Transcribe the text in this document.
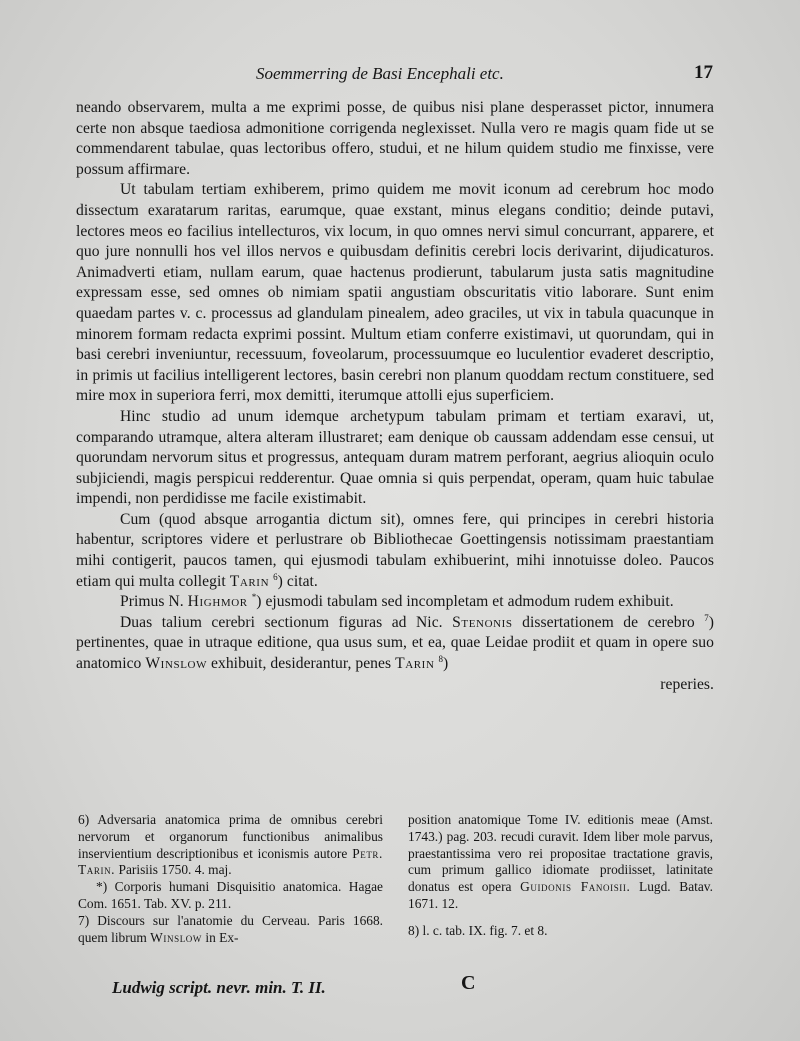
Soemmerring de Basi Encephali etc.	17

neando observarem, multa a me exprimi posse, de quibus nisi plane desperasset pictor, innumera certe non absque taediosa admonitione corrigenda neglexisset. Nulla vero re magis quam fide ut se commendarent tabulae, quas lectoribus offero, studui, et ne hilum quidem studio me finxisse, vere possum affirmare.

Ut tabulam tertiam exhiberem, primo quidem me movit iconum ad cerebrum hoc modo dissectum exaratarum raritas, earumque, quae exstant, minus elegans conditio; deinde putavi, lectores meos eo facilius intellecturos, vix locum, in quo omnes nervi simul concurrant, apparere, et quo jure nonnulli hos vel illos nervos e quibusdam definitis cerebri locis derivarint, dijudicaturos. Animadverti etiam, nullam earum, quae hactenus prodierunt, tabularum justa satis magnitudine expressam esse, sed omnes ob nimiam spatii angustiam obscuritatis vitio laborare. Sunt enim quaedam partes v. c. processus ad glandulam pinealem, adeo graciles, ut vix in tabula quacunque in minorem formam redacta exprimi possint. Multum etiam conferre existimavi, ut quorundam, qui in basi cerebri inveniuntur, recessuum, foveolarum, processuumque eo luculentior evaderet descriptio, in primis ut facilius intelligerent lectores, basin cerebri non planum quoddam rectum constituere, sed mire mox in superiora ferri, mox demitti, iterumque attolli ejus superficiem.

Hinc studio ad unum idemque archetypum tabulam primam et tertiam exaravi, ut, comparando utramque, altera alteram illustraret; eam denique ob caussam addendam esse censui, ut quorundam nervorum situs et progressus, antequam duram matrem perforant, aegrius alioquin oculo subjiciendi, magis perspicui redderentur. Quae omnia si quis perpendat, operam, quam huic tabulae impendi, non perdidisse me facile existimabit.

Cum (quod absque arrogantia dictum sit), omnes fere, qui principes in cerebri historia habentur, scriptores videre et perlustrare ob Bibliothecae Goettingensis notissimam praestantiam mihi contigerit, paucos tamen, qui ejusmodi tabulam exhibuerint, mihi innotuisse doleo. Paucos etiam qui multa collegit Tarin $^6$) citat.

Primus N. Highmor *) ejusmodi tabulam sed incompletam et admodum rudem exhibuit.

Duas talium cerebri sectionum figuras ad Nic. Stenonis dissertationem de cerebro $^7$) pertinentes, quae in utraque editione, qua usus sum, et ea, quae Leidae prodiit et quam in opere suo anatomico Winslow exhibuit, desiderantur, penes Tarin $^8$)

reperies.

6) Adversaria anatomica prima de omnibus cerebri nervorum et organorum functionibus animalibus inservientium descriptionibus et iconismis autore Petr. Tarin. Parisiis 1750. 4. maj.

*) Corporis humani Disquisitio anatomica. Hagae Com. 1651. Tab. XV. p. 211.

7) Discours sur l'anatomie du Cerveau. Paris 1668. quem librum Winslow in Ex-

position anatomique Tome IV. editionis meae (Amst. 1743.) pag. 203. recudi curavit. Idem liber mole parvus, praestantissima vero rei propositae tractatione gravis, cum primum gallico idiomate prodiisset, latinitate donatus est opera Guidonis Fanoisii. Lugd. Batav. 1671. 12.

8) l. c. tab. IX. fig. 7. et 8.

Ludwig script. nevr. min. T. II.	C
